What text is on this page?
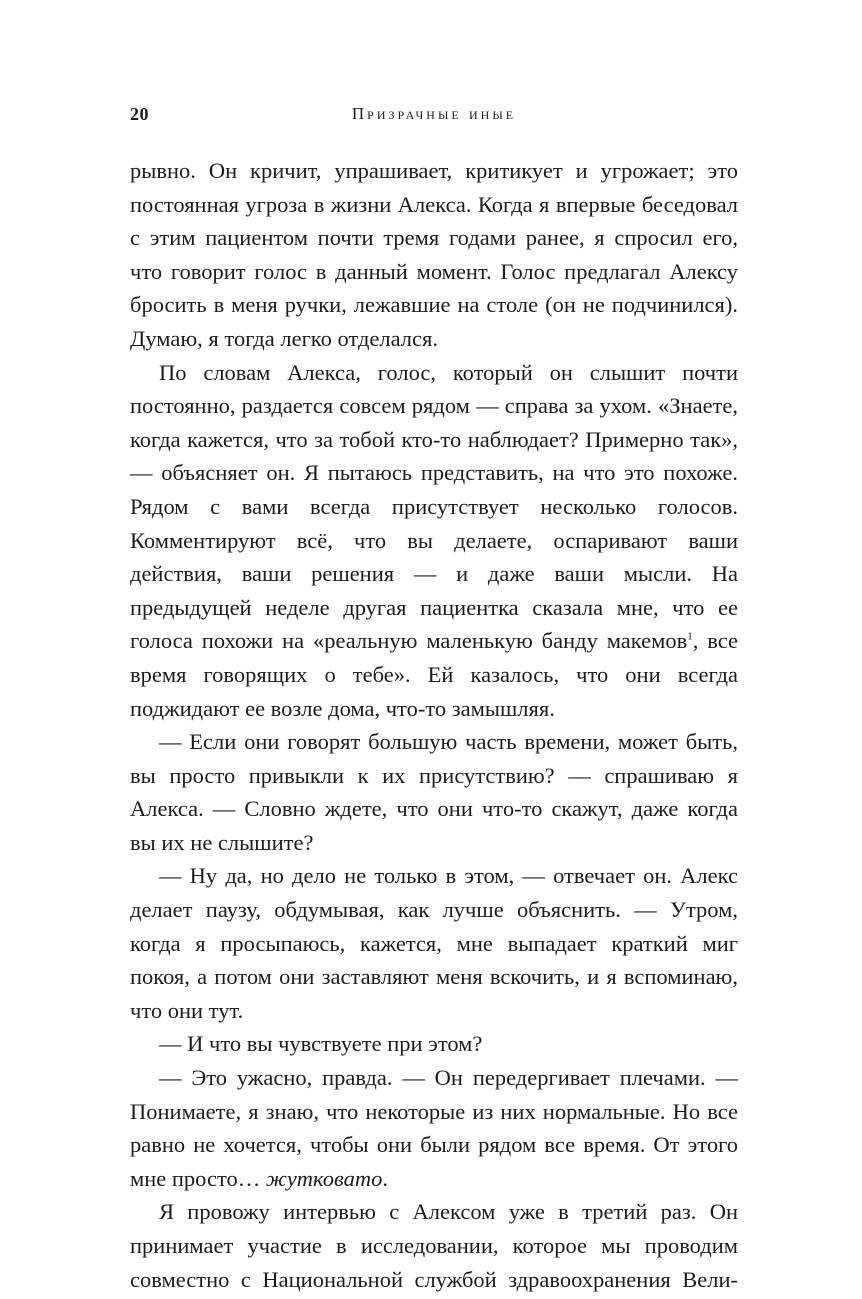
20	Призрачные иные

рывно. Он кричит, упрашивает, критикует и угрожает; это постоянная угроза в жизни Алекса. Когда я впервые беседовал с этим пациентом почти тремя годами ранее, я спросил его, что говорит голос в данный момент. Голос предлагал Алексу бросить в меня ручки, лежавшие на столе (он не подчинился). Думаю, я тогда легко отделался.

По словам Алекса, голос, который он слышит почти постоянно, раздается совсем рядом — справа за ухом. «Знаете, когда кажется, что за тобой кто-то наблюдает? Примерно так», — объясняет он. Я пытаюсь представить, на что это похоже. Рядом с вами всегда присутствует несколько голосов. Комментируют всё, что вы делаете, оспаривают ваши действия, ваши решения — и даже ваши мысли. На предыдущей неделе другая пациентка сказала мне, что ее голоса похожи на «реальную маленькую банду макемов$^1$, все время говорящих о тебе». Ей казалось, что они всегда поджидают ее возле дома, что-то замышляя.

— Если они говорят большую часть времени, может быть, вы просто привыкли к их присутствию? — спрашиваю я Алекса. — Словно ждете, что они что-то скажут, даже когда вы их не слышите?

— Ну да, но дело не только в этом, — отвечает он. Алекс делает паузу, обдумывая, как лучше объяснить. — Утром, когда я просыпаюсь, кажется, мне выпадает краткий миг покоя, а потом они заставляют меня вскочить, и я вспоминаю, что они тут.

— И что вы чувствуете при этом?

— Это ужасно, правда. — Он передергивает плечами. — Понимаете, я знаю, что некоторые из них нормальные. Но все равно не хочется, чтобы они были рядом все время. От этого мне просто… жутковато.

Я провожу интервью с Алексом уже в третий раз. Он принимает участие в исследовании, которое мы проводим совместно с Национальной службой здравоохранения Вели-
